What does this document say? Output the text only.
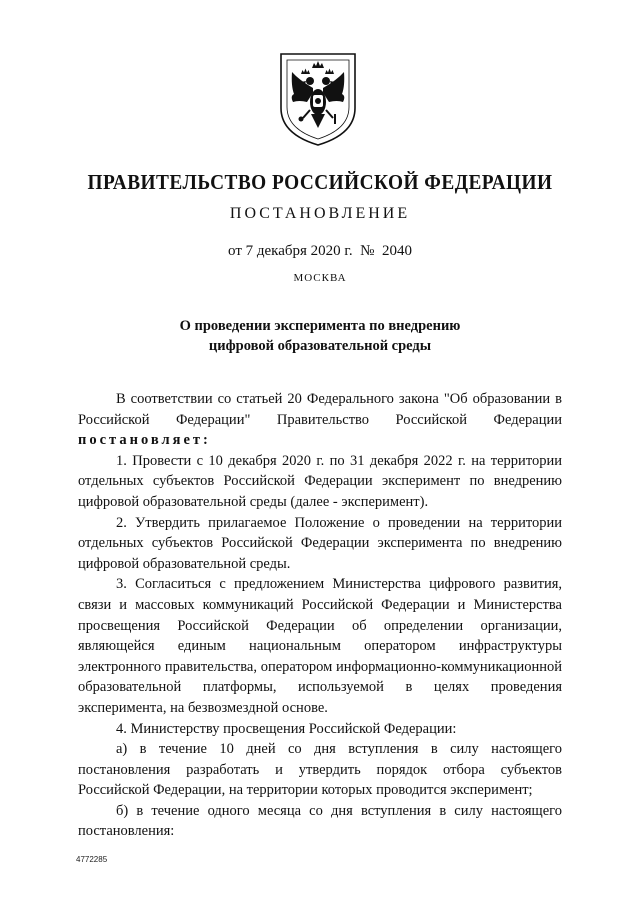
ПРАВИТЕЛЬСТВО РОССИЙСКОЙ ФЕДЕРАЦИИ
ПОСТАНОВЛЕНИЕ
от 7 декабря 2020 г.  №  2040
МОСКВА
О проведении эксперимента по внедрению
цифровой образовательной среды

В соответствии со статьей 20 Федерального закона "Об образовании в Российской Федерации" Правительство Российской Федерации постановляет:

1. Провести с 10 декабря 2020 г. по 31 декабря 2022 г. на территории отдельных субъектов Российской Федерации эксперимент по внедрению цифровой образовательной среды (далее - эксперимент).

2. Утвердить прилагаемое Положение о проведении на территории отдельных субъектов Российской Федерации эксперимента по внедрению цифровой образовательной среды.

3. Согласиться с предложением Министерства цифрового развития, связи и массовых коммуникаций Российской Федерации и Министерства просвещения Российской Федерации об определении организации, являющейся единым национальным оператором инфраструктуры электронного правительства, оператором информационно-коммуникационной образовательной платформы, используемой в целях проведения эксперимента, на безвозмездной основе.

4. Министерству просвещения Российской Федерации:

а) в течение 10 дней со дня вступления в силу настоящего постановления разработать и утвердить порядок отбора субъектов Российской Федерации, на территории которых проводится эксперимент;

б) в течение одного месяца со дня вступления в силу настоящего постановления:

4772285
